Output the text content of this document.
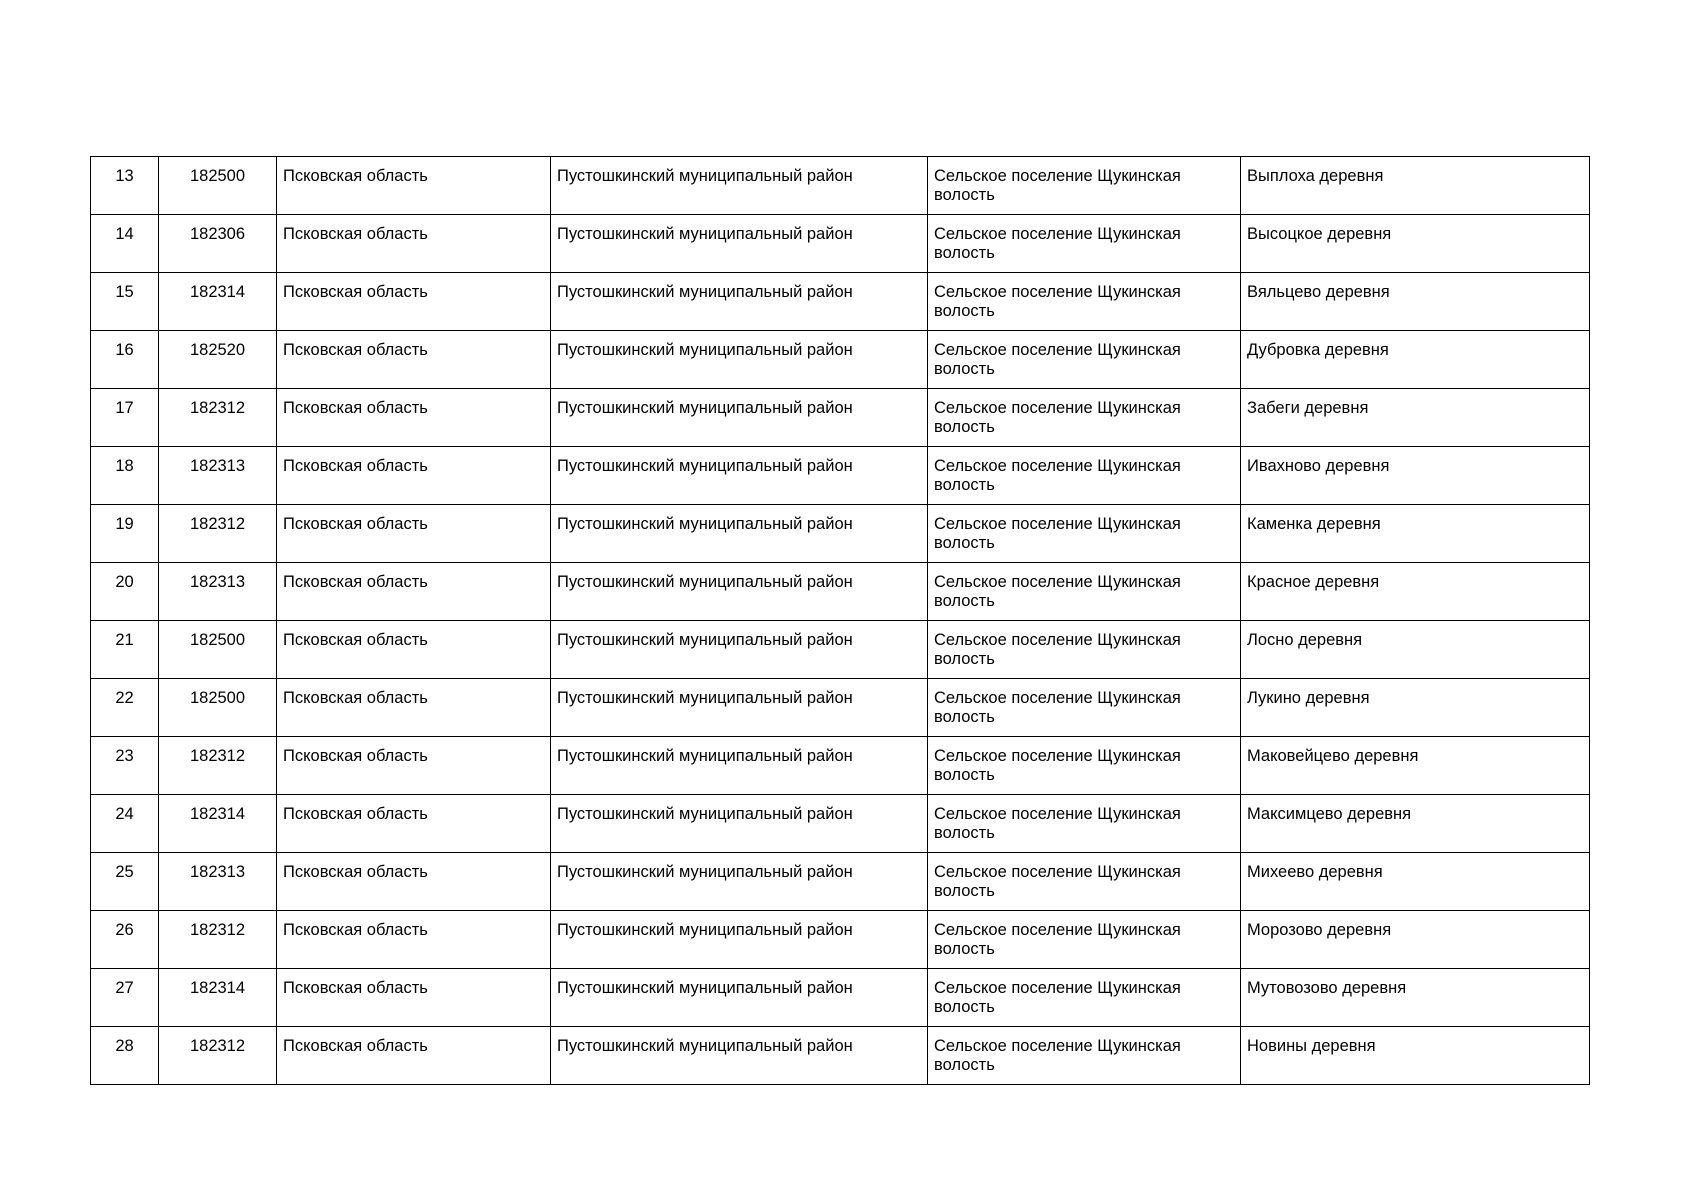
13	182500	Псковская область	Пустошкинский муниципальный район	Сельское поселение Щукинская волость	Выплоха деревня
14	182306	Псковская область	Пустошкинский муниципальный район	Сельское поселение Щукинская волость	Высоцкое деревня
15	182314	Псковская область	Пустошкинский муниципальный район	Сельское поселение Щукинская волость	Вяльцево деревня
16	182520	Псковская область	Пустошкинский муниципальный район	Сельское поселение Щукинская волость	Дубровка деревня
17	182312	Псковская область	Пустошкинский муниципальный район	Сельское поселение Щукинская волость	Забеги деревня
18	182313	Псковская область	Пустошкинский муниципальный район	Сельское поселение Щукинская волость	Ивахново деревня
19	182312	Псковская область	Пустошкинский муниципальный район	Сельское поселение Щукинская волость	Каменка деревня
20	182313	Псковская область	Пустошкинский муниципальный район	Сельское поселение Щукинская волость	Красное деревня
21	182500	Псковская область	Пустошкинский муниципальный район	Сельское поселение Щукинская волость	Лосно деревня
22	182500	Псковская область	Пустошкинский муниципальный район	Сельское поселение Щукинская волость	Лукино деревня
23	182312	Псковская область	Пустошкинский муниципальный район	Сельское поселение Щукинская волость	Маковейцево деревня
24	182314	Псковская область	Пустошкинский муниципальный район	Сельское поселение Щукинская волость	Максимцево деревня
25	182313	Псковская область	Пустошкинский муниципальный район	Сельское поселение Щукинская волость	Михеево деревня
26	182312	Псковская область	Пустошкинский муниципальный район	Сельское поселение Щукинская волость	Морозово деревня
27	182314	Псковская область	Пустошкинский муниципальный район	Сельское поселение Щукинская волость	Мутовозово деревня
28	182312	Псковская область	Пустошкинский муниципальный район	Сельское поселение Щукинская волость	Новины деревня
